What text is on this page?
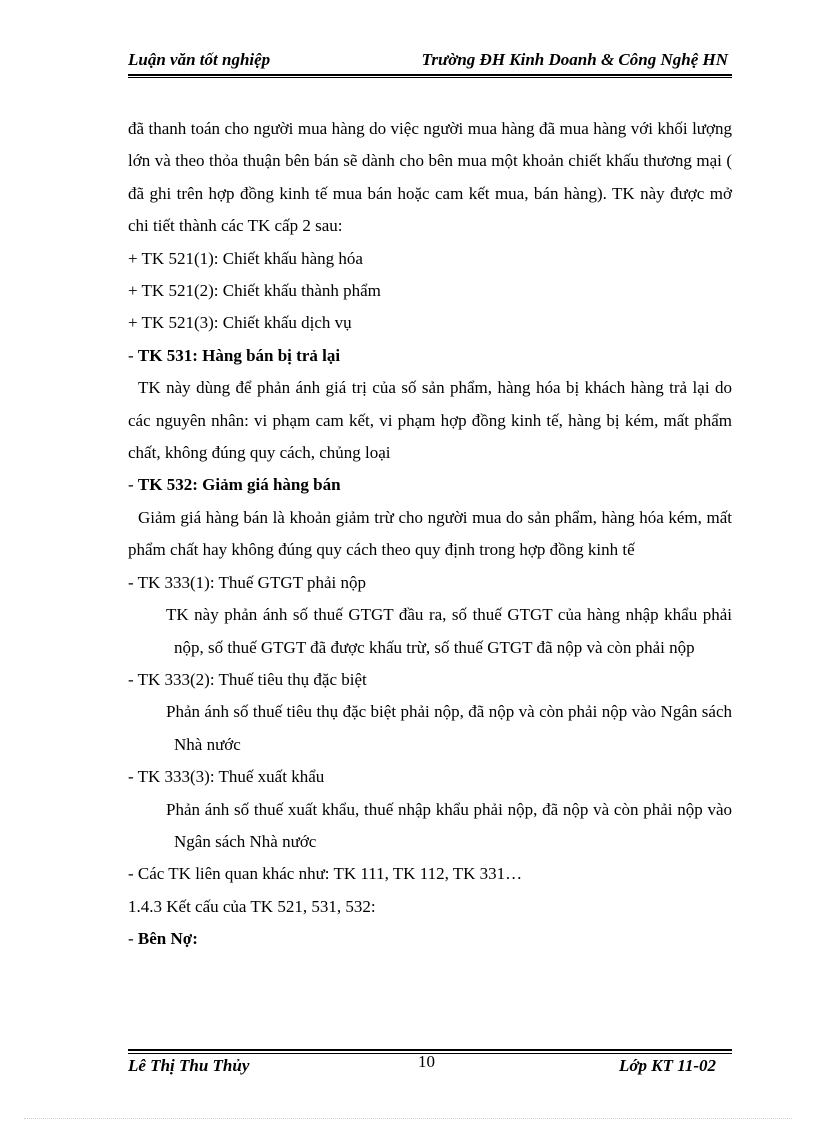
Luận văn tốt nghiệp	Trường ĐH Kinh Doanh & Công Nghệ HN

đã thanh toán cho người mua hàng do việc người mua hàng đã mua hàng với khối lượng lớn và theo thỏa thuận bên bán sẽ dành cho bên mua một khoản chiết khấu thương mại ( đã ghi trên hợp đồng kinh tế mua bán hoặc cam kết mua, bán hàng). TK này được mở chi tiết thành các TK cấp 2 sau:

+ TK 521(1): Chiết khấu hàng hóa

+ TK 521(2): Chiết khấu thành phẩm

+ TK 521(3): Chiết khấu dịch vụ

- TK 531: Hàng bán bị trả lại

TK này dùng để phản ánh giá trị của số sản phẩm, hàng hóa bị khách hàng trả lại do các nguyên nhân: vi phạm cam kết, vi phạm hợp đồng kinh tế, hàng bị kém, mất phẩm chất, không đúng quy cách, chủng loại

- TK 532: Giảm giá hàng bán

Giảm giá hàng bán là khoản giảm trừ cho người mua do sản phẩm, hàng hóa kém, mất phẩm chất hay không đúng quy cách theo quy định trong hợp đồng kinh tế

- TK 333(1): Thuế GTGT phải nộp

TK này phản ánh số thuế GTGT đầu ra, số thuế GTGT của hàng nhập khẩu phải nộp, số thuế GTGT đã được khấu trừ, số thuế GTGT đã nộp và còn phải nộp

- TK 333(2): Thuế tiêu thụ đặc biệt

Phản ánh số thuế tiêu thụ đặc biệt phải nộp, đã nộp và còn phải nộp vào Ngân sách Nhà nước

- TK 333(3): Thuế xuất khẩu

Phản ánh số thuế xuất khẩu, thuế nhập khẩu phải nộp, đã nộp và còn phải nộp vào Ngân sách Nhà nước

- Các TK liên quan khác như: TK 111, TK 112, TK 331…

1.4.3 Kết cấu của TK 521, 531, 532:

- Bên Nợ:

Lê Thị Thu Thủy	10	Lớp KT 11-02
